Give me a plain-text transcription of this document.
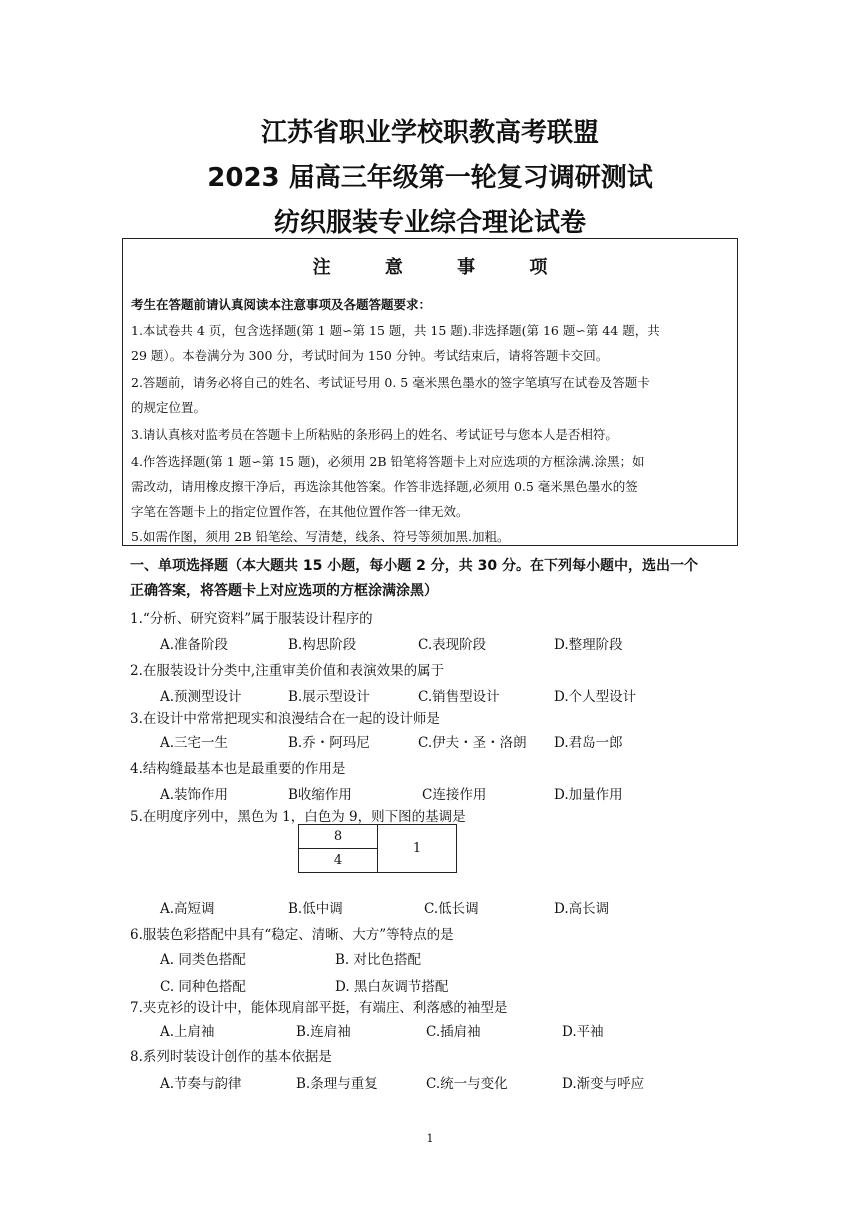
江苏省职业学校职教高考联盟
2023 届高三年级第一轮复习调研测试
纺织服装专业综合理论试卷
注	意	事	项
考生在答题前请认真阅读本注意事项及各题答题要求：
1.本试卷共 4 页，包含选择题(第 1 题∽第 15 题，共 15 题).非选择题(第 16 题∽第 44 题，共
29 题）。本卷满分为 300 分，考试时间为 150 分钟。考试结束后，请将答题卡交回。
2.答题前，请务必将自己的姓名、考试证号用 0. 5 毫米黑色墨水的签字笔填写在试卷及答题卡
的规定位置。
3.请认真核对监考员在答题卡上所粘贴的条形码上的姓名、考试证号与您本人是否相符。
4.作答选择题(第 1 题∽第 15 题)，必须用 2B 铅笔将答题卡上对应选项的方框涂满.涂黑；如
需改动，请用橡皮擦干净后，再选涂其他答案。作答非选择题,必须用 0.5 毫米黑色墨水的签
字笔在答题卡上的指定位置作答，在其他位置作答一律无效。
5.如需作图，须用 2B 铅笔绘、写清楚，线条、符号等须加黑.加粗。
一、单项选择题（本大题共 15 小题，每小题 2 分，共 30 分。在下列每小题中，选出一个
正确答案，将答题卡上对应选项的方框涂满涂黑）
1.“分析、研究资料”属于服装设计程序的
A.准备阶段	B.构思阶段	C.表现阶段	D.整理阶段
2.在服装设计分类中,注重审美价值和表演效果的属于
A.预测型设计	B.展示型设计	C.销售型设计	D.个人型设计
3.在设计中常常把现实和浪漫结合在一起的设计师是
A.三宅一生	B.乔・阿玛尼	C.伊夫・圣・洛朗 D.君岛一郎
4.结构缝最基本也是最重要的作用是
A.装饰作用	B收缩作用	C连接作用	D.加量作用
5.在明度序列中，黑色为 1，白色为 9，则下图的基调是
8	1
4
A.高短调	B.低中调	C.低长调	D.高长调
6.服装色彩搭配中具有“稳定、清晰、大方”等特点的是
A. 同类色搭配	B. 对比色搭配
C. 同种色搭配	D. 黑白灰调节搭配
7.夹克衫的设计中，能体现肩部平挺，有端庄、利落感的袖型是
A.上肩袖	B.连肩袖	C.插肩袖	D.平袖
8.系列时装设计创作的基本依据是
A.节奏与韵律	B.条理与重复	C.统一与变化	D.渐变与呼应
1
